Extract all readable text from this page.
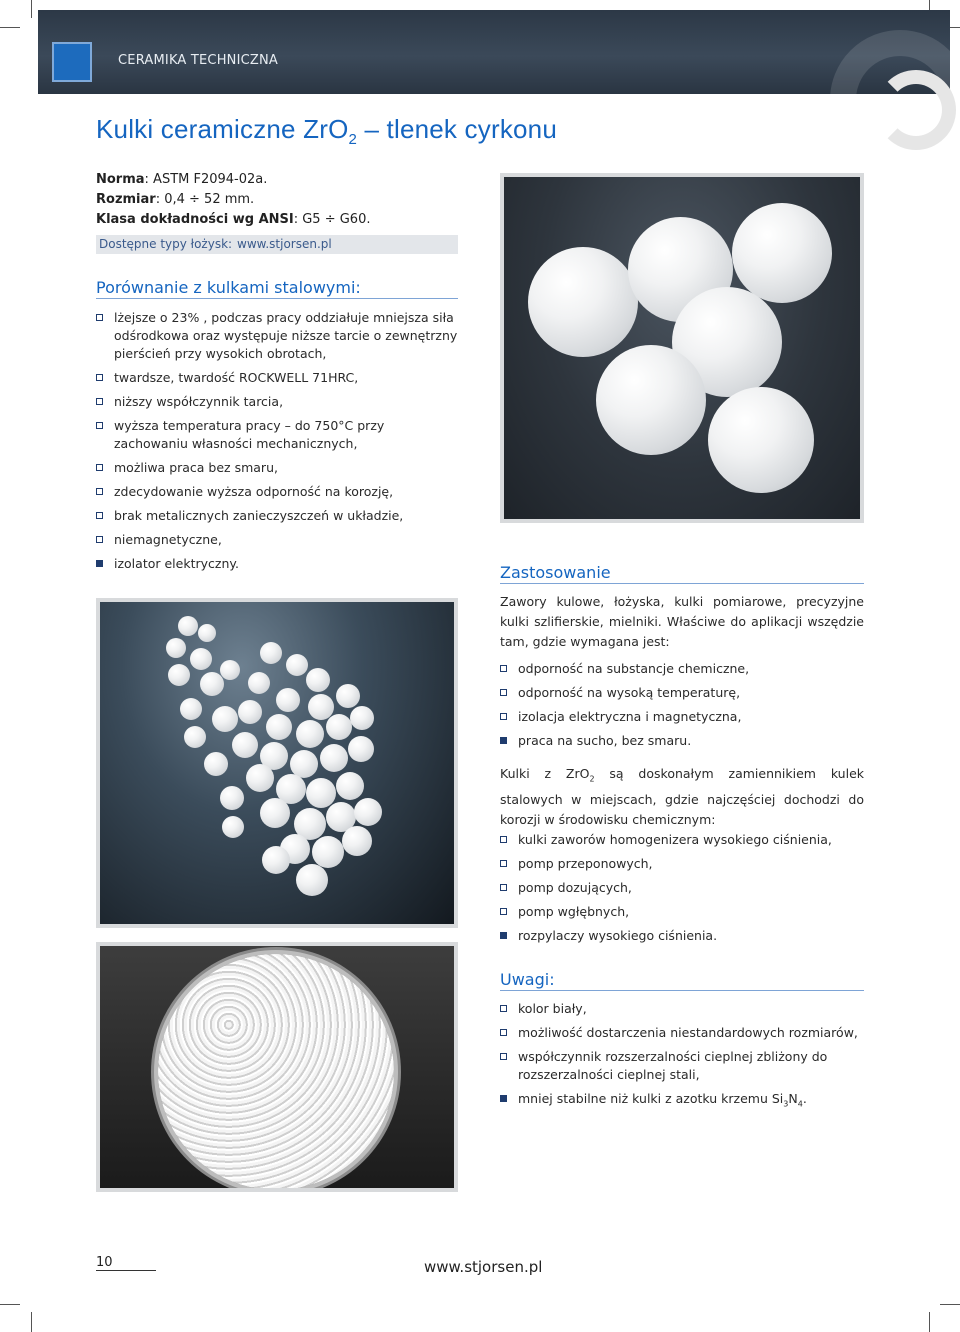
CERAMIKA TECHNICZNA
Kulki ceramiczne ZrO$_2$ – tlenek cyrkonu
Norma: ASTM F2094-02a.
Rozmiar: 0,4 ÷ 52 mm.
Klasa dokładności wg ANSI: G5 ÷ G60.
Dostępne typy łożysk: www.stjorsen.pl
Porównanie z kulkami stalowymi:
lżejsze o 23% , podczas pracy oddziałuje mniejsza siła odśrodkowa oraz występuje niższe tarcie o zewnętrzny pierścień przy wysokich obrotach,
twardsze, twardość ROCKWELL 71HRC,
niższy współczynnik tarcia,
wyższa temperatura pracy – do 750°C przy zachowaniu własności mechanicznych,
możliwa praca bez smaru,
zdecydowanie wyższa odporność na korozję,
brak metalicznych zanieczyszczeń w układzie,
niemagnetyczne,
izolator elektryczny.	Zastosowanie
Zawory kulowe, łożyska, kulki pomiarowe, precyzyjne kulki szlifierskie, mielniki. Właściwe do aplikacji wszędzie tam, gdzie wymagana jest:
odporność na substancje chemiczne,
odporność na wysoką temperaturę,
izolacja elektryczna i magnetyczna,
praca na sucho, bez smaru.
Kulki z ZrO$_2$ są doskonałym zamiennikiem kulek stalowych w miejscach, gdzie najczęściej dochodzi do korozji w środowisku chemicznym:
kulki zaworów homogenizera wysokiego ciśnienia,
pomp przeponowych,
pomp dozujących,
pomp wgłębnych,
rozpylaczy wysokiego ciśnienia.
Uwagi:
kolor biały,
możliwość dostarczenia niestandardowych rozmiarów,
współczynnik rozszerzalności cieplnej zbliżony do rozszerzalności cieplnej stali,
mniej stabilne niż kulki z azotku krzemu $Si_3N_4$.
10	www.stjorsen.pl
